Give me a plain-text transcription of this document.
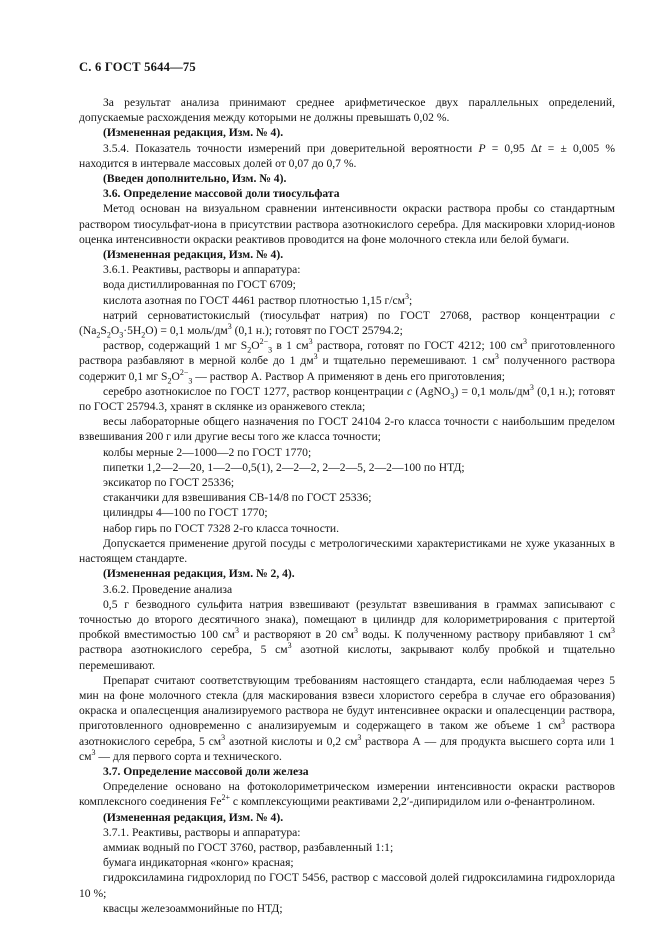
С. 6 ГОСТ 5644—75

За результат анализа принимают среднее арифметическое двух параллельных определений, допускаемые расхождения между которыми не должны превышать 0,02 %.

(Измененная редакция, Изм. № 4).

3.5.4. Показатель точности измерений при доверительной вероятности P = 0,95 Δt = ± 0,005 % находится в интервале массовых долей от 0,07 до 0,7 %.

(Введен дополнительно, Изм. № 4).

3.6. Определение массовой доли тиосульфата

Метод основан на визуальном сравнении интенсивности окраски раствора пробы со стандартным раствором тиосульфат-иона в присутствии раствора азотнокислого серебра. Для маскировки хлорид-ионов оценка интенсивности окраски реактивов проводится на фоне молочного стекла или белой бумаги.

(Измененная редакция, Изм. № 4).

3.6.1. Реактивы, растворы и аппаратура:

вода дистиллированная по ГОСТ 6709;

кислота азотная по ГОСТ 4461 раствор плотностью 1,15 $г/см^3$;

натрий серноватистокислый (тиосульфат натрия) по ГОСТ 27068, раствор концентрации c $(Na_2S_2O_3\cdot 5H_2O) = 0,1$ моль/$дм^3$ (0,1 н.); готовят по ГОСТ 25794.2;

раствор, содержащий 1 мг $S_2O^{2-}_3$ в 1 $см^3$ раствора, готовят по ГОСТ 4212; 100 $см^3$ приготовленного раствора разбавляют в мерной колбе до 1 $дм^3$ и тщательно перемешивают. 1 $см^3$ полученного раствора содержит 0,1 мг $S_2O^{2-}_3$ — раствор А. Раствор А применяют в день его приготовления;

серебро азотнокислое по ГОСТ 1277, раствор концентрации c (AgNO$_3$) = 0,1 моль/$дм^3$ (0,1 н.); готовят по ГОСТ 25794.3, хранят в склянке из оранжевого стекла;

весы лабораторные общего назначения по ГОСТ 24104 2-го класса точности с наибольшим пределом взвешивания 200 г или другие весы того же класса точности;

колбы мерные 2—1000—2 по ГОСТ 1770;

пипетки 1,2—2—20, 1—2—0,5(1), 2—2—2, 2—2—5, 2—2—100 по НТД;

эксикатор по ГОСТ 25336;

стаканчики для взвешивания СВ-14/8 по ГОСТ 25336;

цилиндры 4—100 по ГОСТ 1770;

набор гирь по ГОСТ 7328 2-го класса точности.

Допускается применение другой посуды с метрологическими характеристиками не хуже указанных в настоящем стандарте.

(Измененная редакция, Изм. № 2, 4).

3.6.2. Проведение анализа

0,5 г безводного сульфита натрия взвешивают (результат взвешивания в граммах записывают с точностью до второго десятичного знака), помещают в цилиндр для колориметрирования с притертой пробкой вместимостью 100 $см^3$ и растворяют в 20 $см^3$ воды. К полученному раствору прибавляют 1 $см^3$ раствора азотнокислого серебра, 5 $см^3$ азотной кислоты, закрывают колбу пробкой и тщательно перемешивают.

Препарат считают соответствующим требованиям настоящего стандарта, если наблюдаемая через 5 мин на фоне молочного стекла (для маскирования взвеси хлористого серебра в случае его образования) окраска и опалесценция анализируемого раствора не будут интенсивнее окраски и опалесценции раствора, приготовленного одновременно с анализируемым и содержащего в таком же объеме 1 $см^3$ раствора азотнокислого серебра, 5 $см^3$ азотной кислоты и 0,2 $см^3$ раствора А — для продукта высшего сорта или 1 $см^3$ — для первого сорта и технического.

3.7. Определение массовой доли железа

Определение основано на фотоколориметрическом измерении интенсивности окраски растворов комплексного соединения $Fe^{2+}$ с комплексующими реактивами 2,2′-дипиридилом или о-фенантролином.

(Измененная редакция, Изм. № 4).

3.7.1. Реактивы, растворы и аппаратура:

аммиак водный по ГОСТ 3760, раствор, разбавленный 1:1;

бумага индикаторная «конго» красная;

гидроксиламина гидрохлорид по ГОСТ 5456, раствор с массовой долей гидроксиламина гидрохлорида 10 %;

квасцы железоаммонийные по НТД;
